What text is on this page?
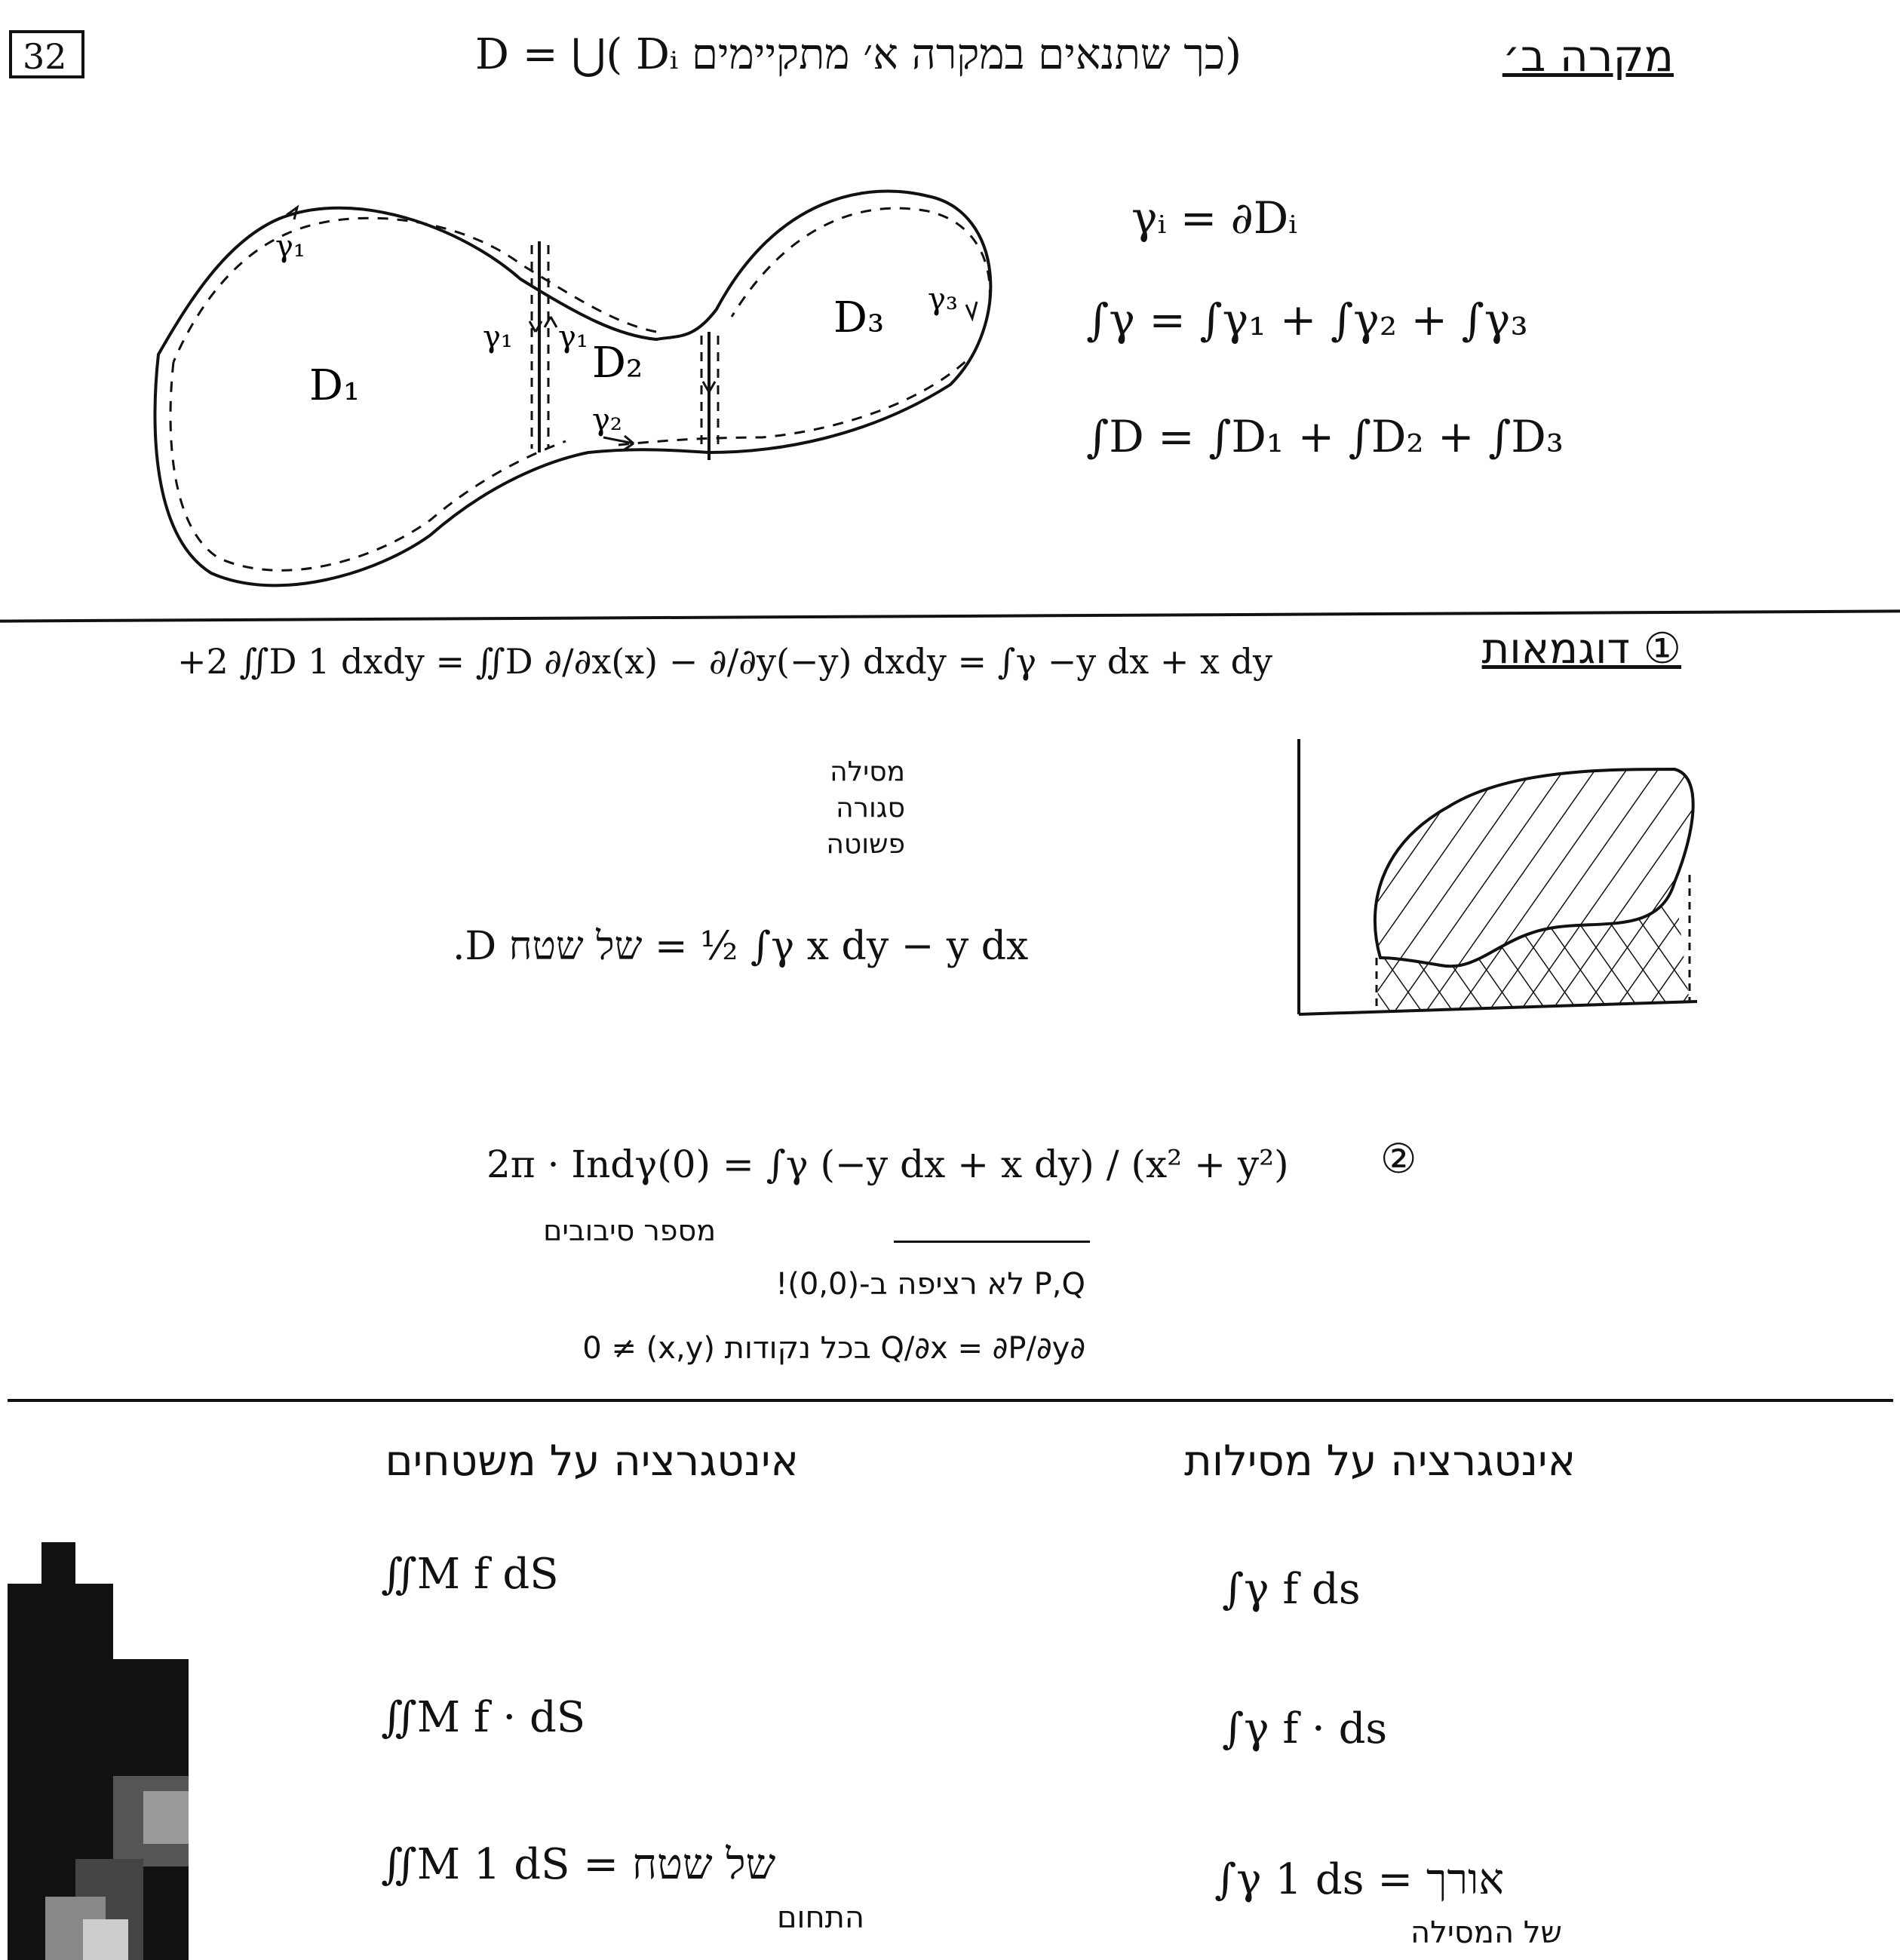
32	מקרה ב׳
D = ⋃( Dᵢ כך שתנאים במקרה א׳ מתקיימים)
D₁	D₂
D₃
γ₁
γ₁ γ₁
γ₂
γ₃
γᵢ = ∂Dᵢ
∫γ = ∫γ₁ + ∫γ₂ + ∫γ₃
∫D = ∫D₁ + ∫D₂ + ∫D₃
① דוגמאות
+2 ∬D 1 dxdy = ∬D ∂/∂x(x) − ∂/∂y(−y) dxdy = ∫γ −y dx + x dy
מסילה
סגורה
פשוטה
.D של שטח = ½ ∫γ x dy − y dx
②
2π · Indγ(0) = ∫γ (−y dx + x dy) / (x² + y²)
מספר סיבובים
P,Q לא רציפה ב-(0,0)!
∂Q/∂x = ∂P/∂y בכל נקודות (x,y) ≠ 0
אינטגרציה על משטחים	אינטגרציה על מסילות
∬M f dS
∬M f · dS
∬M 1 dS = של שטח
התחום
∫γ f ds
∫γ f · ds
∫γ 1 ds = אורך
של המסילה
